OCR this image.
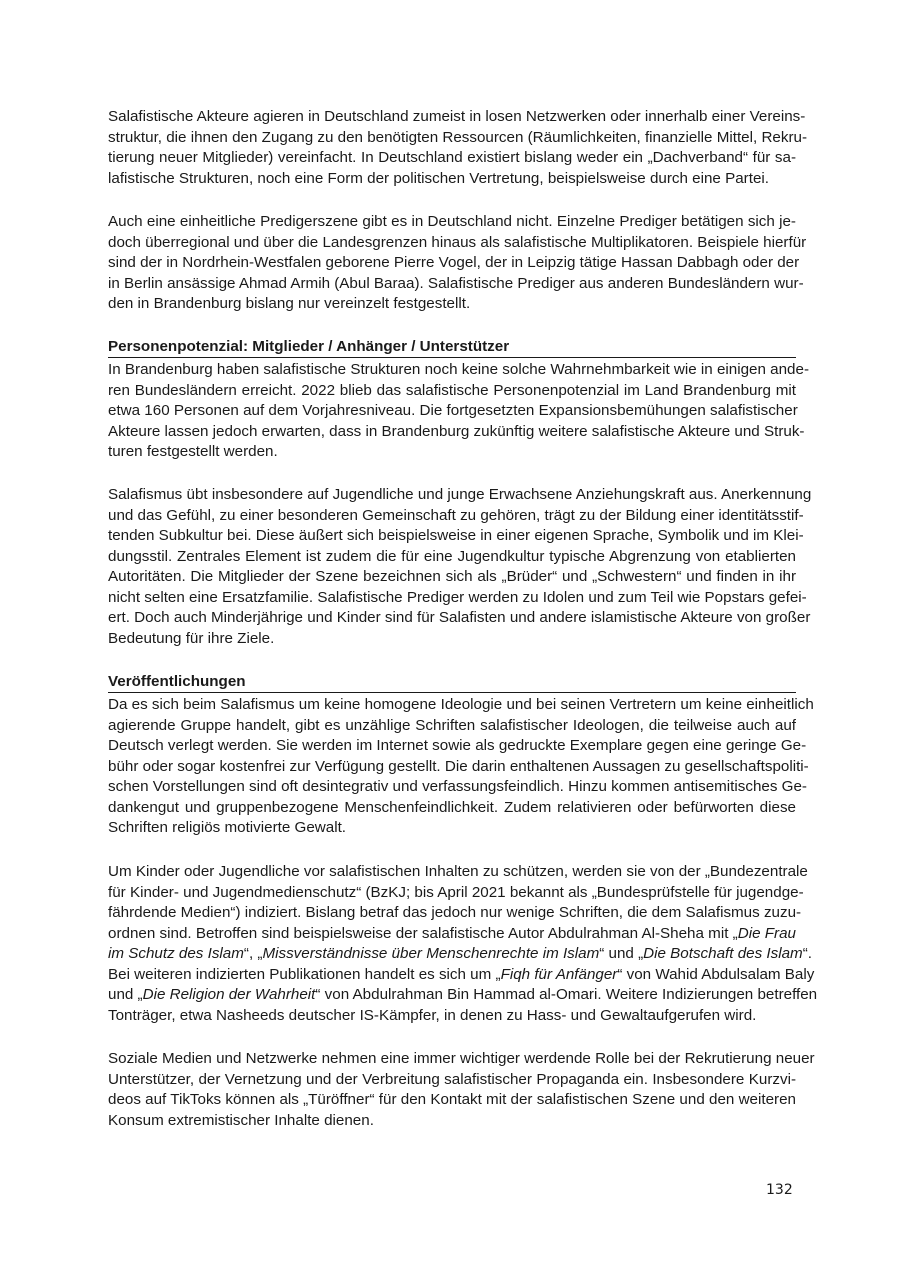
Salafistische Akteure agieren in Deutschland zumeist in losen Netzwerken oder innerhalb einer Vereins-
struktur, die ihnen den Zugang zu den benötigten Ressourcen (Räumlichkeiten, finanzielle Mittel, Rekru-
tierung neuer Mitglieder) vereinfacht. In Deutschland existiert bislang weder ein „Dachverband“ für sa-
lafistische Strukturen, noch eine Form der politischen Vertretung, beispielsweise durch eine Partei.
Auch eine einheitliche Predigerszene gibt es in Deutschland nicht. Einzelne Prediger betätigen sich je-
doch überregional und über die Landesgrenzen hinaus als salafistische Multiplikatoren. Beispiele hierfür
sind der in Nordrhein-Westfalen geborene Pierre Vogel, der in Leipzig tätige Hassan Dabbagh oder der
in Berlin ansässige Ahmad Armih (Abul Baraa). Salafistische Prediger aus anderen Bundesländern wur-
den in Brandenburg bislang nur vereinzelt festgestellt.
Personenpotenzial: Mitglieder / Anhänger / Unterstützer
In Brandenburg haben salafistische Strukturen noch keine solche Wahrnehmbarkeit wie in einigen ande-
ren Bundesländern erreicht. 2022 blieb das salafistische Personenpotenzial im Land Brandenburg mit
etwa 160 Personen auf dem Vorjahresniveau. Die fortgesetzten Expansionsbemühungen salafistischer
Akteure lassen jedoch erwarten, dass in Brandenburg zukünftig weitere salafistische Akteure und Struk-
turen festgestellt werden.
Salafismus übt insbesondere auf Jugendliche und junge Erwachsene Anziehungskraft aus. Anerkennung
und das Gefühl, zu einer besonderen Gemeinschaft zu gehören, trägt zu der Bildung einer identitätsstif-
tenden Subkultur bei. Diese äußert sich beispielsweise in einer eigenen Sprache, Symbolik und im Klei-
dungsstil. Zentrales Element ist zudem die für eine Jugendkultur typische Abgrenzung von etablierten
Autoritäten. Die Mitglieder der Szene bezeichnen sich als „Brüder“ und „Schwestern“ und finden in ihr
nicht selten eine Ersatzfamilie. Salafistische Prediger werden zu Idolen und zum Teil wie Popstars gefei-
ert. Doch auch Minderjährige und Kinder sind für Salafisten und andere islamistische Akteure von großer
Bedeutung für ihre Ziele.
Veröffentlichungen
Da es sich beim Salafismus um keine homogene Ideologie und bei seinen Vertretern um keine einheitlich
agierende Gruppe handelt, gibt es unzählige Schriften salafistischer Ideologen, die teilweise auch auf
Deutsch verlegt werden. Sie werden im Internet sowie als gedruckte Exemplare gegen eine geringe Ge-
bühr oder sogar kostenfrei zur Verfügung gestellt. Die darin enthaltenen Aussagen zu gesellschaftspoliti-
schen Vorstellungen sind oft desintegrativ und verfassungsfeindlich. Hinzu kommen antisemitisches Ge-
dankengut und gruppenbezogene Menschenfeindlichkeit. Zudem relativieren oder befürworten diese
Schriften religiös motivierte Gewalt.
Um Kinder oder Jugendliche vor salafistischen Inhalten zu schützen, werden sie von der „Bundezentrale
für Kinder- und Jugendmedienschutz“ (BzKJ; bis April 2021 bekannt als „Bundesprüfstelle für jugendge-
fährdende Medien“) indiziert. Bislang betraf das jedoch nur wenige Schriften, die dem Salafismus zuzu-
ordnen sind. Betroffen sind beispielsweise der salafistische Autor Abdulrahman Al-Sheha mit „Die Frau
im Schutz des Islam“, „Missverständnisse über Menschenrechte im Islam“ und „Die Botschaft des Islam“.
Bei weiteren indizierten Publikationen handelt es sich um „Fiqh für Anfänger“ von Wahid Abdulsalam Baly
und „Die Religion der Wahrheit“ von Abdulrahman Bin Hammad al-Omari. Weitere Indizierungen betreffen
Tonträger, etwa Nasheeds deutscher IS-Kämpfer, in denen zu Hass- und Gewaltaufgerufen wird.
Soziale Medien und Netzwerke nehmen eine immer wichtiger werdende Rolle bei der Rekrutierung neuer
Unterstützer, der Vernetzung und der Verbreitung salafistischer Propaganda ein. Insbesondere Kurzvi-
deos auf TikToks können als „Türöffner“ für den Kontakt mit der salafistischen Szene und den weiteren
Konsum extremistischer Inhalte dienen.
132
